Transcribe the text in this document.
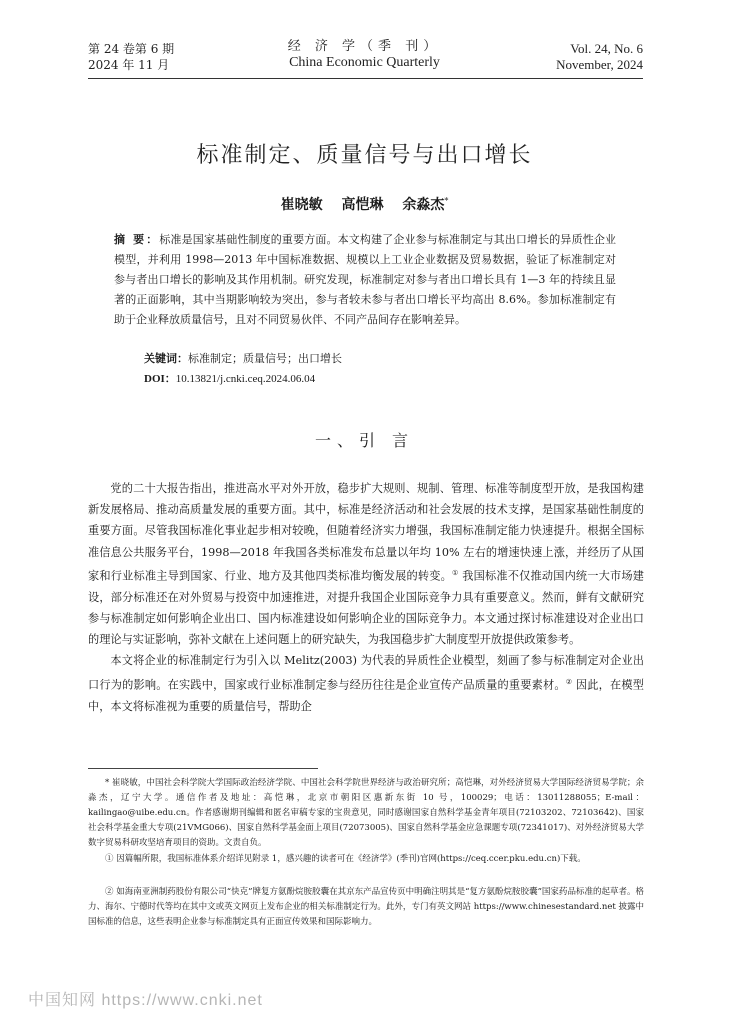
第 24 卷第 6 期
2024 年 11 月
经 济 学（季 刊）
China Economic Quarterly
Vol. 24, No. 6
November, 2024
标准制定、质量信号与出口增长
崔晓敏 高恺琳 余淼杰*
摘 要：标准是国家基础性制度的重要方面。本文构建了企业参与标准制定与其出口增长的异质性企业模型，并利用 1998—2013 年中国标准数据、规模以上工业企业数据及贸易数据，验证了标准制定对参与者出口增长的影响及其作用机制。研究发现，标准制定对参与者出口增长具有 1—3 年的持续且显著的正面影响，其中当期影响较为突出，参与者较未参与者出口增长平均高出 8.6%。参加标准制定有助于企业释放质量信号，且对不同贸易伙伴、不同产品间存在影响差异。
关键词：标准制定；质量信号；出口增长
DOI：10.13821/j.cnki.ceq.2024.06.04
一、引 言

党的二十大报告指出，推进高水平对外开放，稳步扩大规则、规制、管理、标准等制度型开放，是我国构建新发展格局、推动高质量发展的重要方面。其中，标准是经济活动和社会发展的技术支撑，是国家基础性制度的重要方面。尽管我国标准化事业起步相对较晚，但随着经济实力增强，我国标准制定能力快速提升。根据全国标准信息公共服务平台，1998—2018 年我国各类标准发布总量以年均 10% 左右的增速快速上涨，并经历了从国家和行业标准主导到国家、行业、地方及其他四类标准均衡发展的转变。① 我国标准不仅推动国内统一大市场建设，部分标准还在对外贸易与投资中加速推进，对提升我国企业国际竞争力具有重要意义。然而，鲜有文献研究参与标准制定如何影响企业出口、国内标准建设如何影响企业的国际竞争力。本文通过探讨标准建设对企业出口的理论与实证影响，弥补文献在上述问题上的研究缺失，为我国稳步扩大制度型开放提供政策参考。

本文将企业的标准制定行为引入以 Melitz(2003) 为代表的异质性企业模型，刻画了参与标准制定对企业出口行为的影响。在实践中，国家或行业标准制定参与经历往往是企业宣传产品质量的重要素材。② 因此，在模型中，本文将标准视为重要的质量信号，帮助企

* 崔晓敏，中国社会科学院大学国际政治经济学院、中国社会科学院世界经济与政治研究所；高恺琳，对外经济贸易大学国际经济贸易学院；余淼杰，辽宁大学。通信作者及地址：高恺琳，北京市朝阳区惠新东街 10 号，100029；电话：13011288055；E-mail：kailingao@uibe.edu.cn。作者感谢期刊编辑和匿名审稿专家的宝贵意见，同时感谢国家自然科学基金青年项目(72103202、72103642)、国家社会科学基金重大专项(21VMG066)、国家自然科学基金面上项目(72073005)、国家自然科学基金应急课题专项(72341017)、对外经济贸易大学数字贸易科研攻坚培育项目的资助。文责自负。

① 因篇幅所限，我国标准体系介绍详见附录 1，感兴趣的读者可在《经济学》(季刊)官网(https://ceq.ccer.pku.edu.cn)下载。

② 如海南亚洲制药股份有限公司“快克”牌复方氨酚烷胺胶囊在其京东产品宣传页中明确注明其是“复方氨酚烷胺胶囊”国家药品标准的起草者。格力、海尔、宁德时代等均在其中文或英文网页上发布企业的相关标准制定行为。此外，专门有英文网站 https://www.chinesestandard.net 披露中国标准的信息，这些表明企业参与标准制定具有正面宣传效果和国际影响力。

中国知网 https://www.cnki.net
